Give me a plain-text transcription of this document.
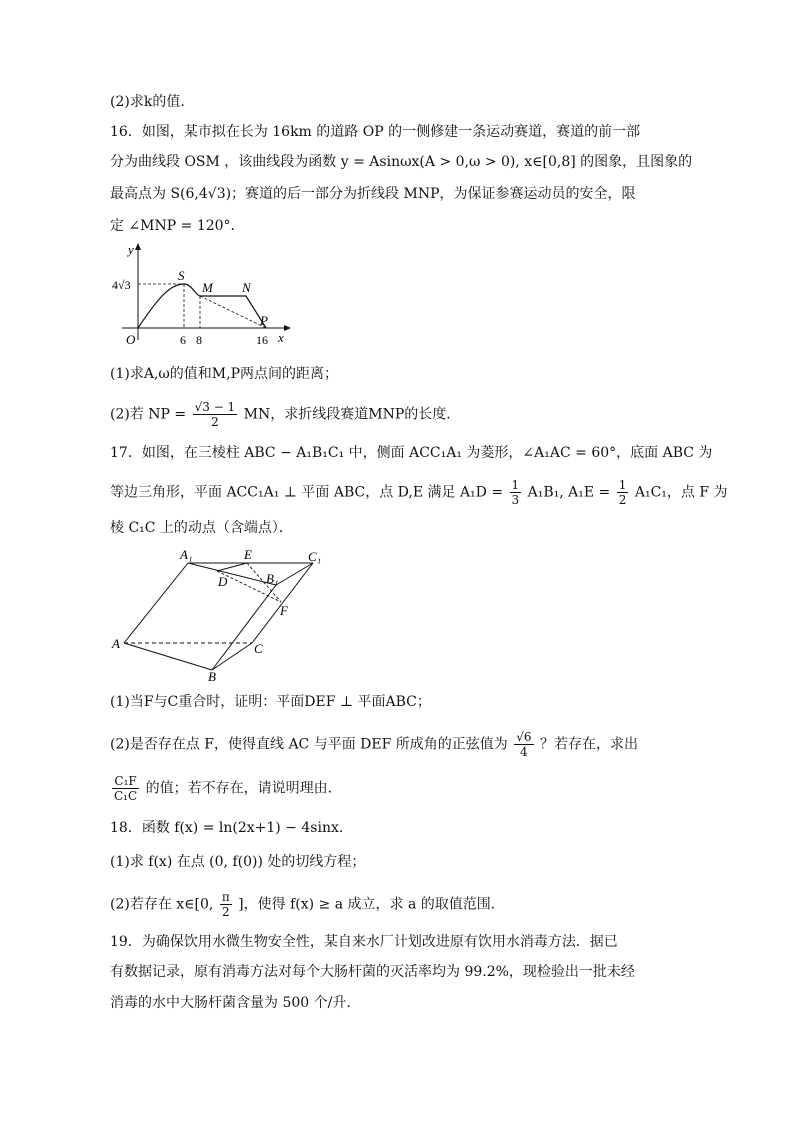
(2)求k的值.
16．如图，某市拟在长为 16km 的道路 OP 的一侧修建一条运动赛道，赛道的前一部
分为曲线段 OSM ，该曲线段为函数 y = Asinωx(A > 0,ω > 0), x∈[0,8] 的图象，且图象的
最高点为 S(6,4√3)；赛道的后一部分为折线段 MNP，为保证参赛运动员的安全，限
定 ∠MNP = 120°．
y
x
O
4√3
6 8	16
S
M N
P
(1)求A,ω的值和M,P两点间的距离；
(2)若 NP = $\frac{√3 - 1}{2}$ MN，求折线段赛道MNP的长度．
17．如图，在三棱柱 ABC − A₁B₁C₁ 中，侧面 ACC₁A₁ 为菱形，∠A₁AC = 60°，底面 ABC 为
等边三角形，平面 ACC₁A₁ ⊥ 平面 ABC，点 D,E 满足 $A_1D = \frac{1}{3} A_1B_1$, $A_1E = \frac{1}{2} A_1C_1$，点 F 为
棱 C₁C 上的动点（含端点）．
A₁	E	C₁
D	B₁
F
A	C
B
(1)当F与C重合时，证明：平面DEF ⊥ 平面ABC；
(2)是否存在点 F，使得直线 AC 与平面 DEF 所成角的正弦值为 $\frac{√6}{4}$ ？若存在，求出
$\frac{\text{C₁F}}{\text{C₁C}}$ 的值；若不存在，请说明理由．
18．函数 f(x) = ln(2x+1) − 4sinx．
(1)求 f(x) 在点 (0, f(0)) 处的切线方程；
(2)若存在 x∈[0, $\frac{\pi}{2}$ ]，使得 f(x) ≥ a 成立，求 a 的取值范围．
19．为确保饮用水微生物安全性，某自来水厂计划改进原有饮用水消毒方法．据已
有数据记录，原有消毒方法对每个大肠杆菌的灭活率均为 99.2%，现检验出一批未经
消毒的水中大肠杆菌含量为 500 个/升．
